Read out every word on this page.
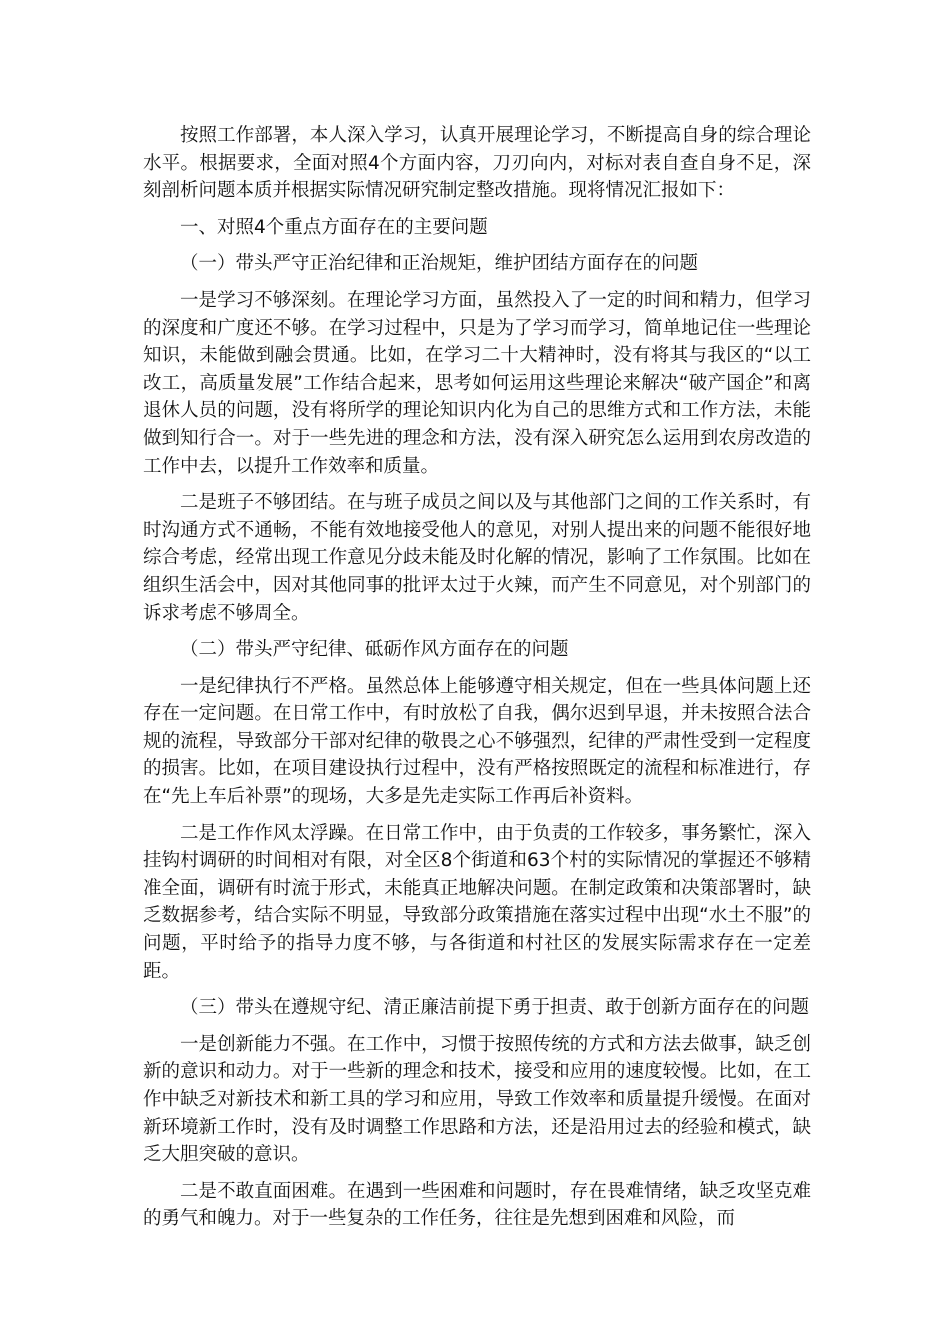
按照工作部署，本人深入学习，认真开展理论学习，不断提高自身的综合理论水平。根据要求，全面对照4个方面内容，刀刃向内，对标对表自查自身不足，深刻剖析问题本质并根据实际情况研究制定整改措施。现将情况汇报如下：

一、对照4个重点方面存在的主要问题

（一）带头严守正治纪律和正治规矩，维护团结方面存在的问题

一是学习不够深刻。在理论学习方面，虽然投入了一定的时间和精力，但学习的深度和广度还不够。在学习过程中，只是为了学习而学习，简单地记住一些理论知识，未能做到融会贯通。比如，在学习二十大精神时，没有将其与我区的“以工改工，高质量发展”工作结合起来，思考如何运用这些理论来解决“破产国企”和离退休人员的问题，没有将所学的理论知识内化为自己的思维方式和工作方法，未能做到知行合一。对于一些先进的理念和方法，没有深入研究怎么运用到农房改造的工作中去，以提升工作效率和质量。

二是班子不够团结。在与班子成员之间以及与其他部门之间的工作关系时，有时沟通方式不通畅，不能有效地接受他人的意见，对别人提出来的问题不能很好地综合考虑，经常出现工作意见分歧未能及时化解的情况，影响了工作氛围。比如在组织生活会中，因对其他同事的批评太过于火辣，而产生不同意见，对个别部门的诉求考虑不够周全。

（二）带头严守纪律、砥砺作风方面存在的问题

一是纪律执行不严格。虽然总体上能够遵守相关规定，但在一些具体问题上还存在一定问题。在日常工作中，有时放松了自我，偶尔迟到早退，并未按照合法合规的流程，导致部分干部对纪律的敬畏之心不够强烈，纪律的严肃性受到一定程度的损害。比如，在项目建设执行过程中，没有严格按照既定的流程和标准进行，存在“先上车后补票”的现场，大多是先走实际工作再后补资料。

二是工作作风太浮躁。在日常工作中，由于负责的工作较多，事务繁忙，深入挂钩村调研的时间相对有限，对全区8个街道和63个村的实际情况的掌握还不够精准全面，调研有时流于形式，未能真正地解决问题。在制定政策和决策部署时，缺乏数据参考，结合实际不明显，导致部分政策措施在落实过程中出现“水土不服”的问题，平时给予的指导力度不够，与各街道和村社区的发展实际需求存在一定差距。

（三）带头在遵规守纪、清正廉洁前提下勇于担责、敢于创新方面存在的问题

一是创新能力不强。在工作中，习惯于按照传统的方式和方法去做事，缺乏创新的意识和动力。对于一些新的理念和技术，接受和应用的速度较慢。比如，在工作中缺乏对新技术和新工具的学习和应用，导致工作效率和质量提升缓慢。在面对新环境新工作时，没有及时调整工作思路和方法，还是沿用过去的经验和模式，缺乏大胆突破的意识。

二是不敢直面困难。在遇到一些困难和问题时，存在畏难情绪，缺乏攻坚克难的勇气和魄力。对于一些复杂的工作任务，往往是先想到困难和风险，而
